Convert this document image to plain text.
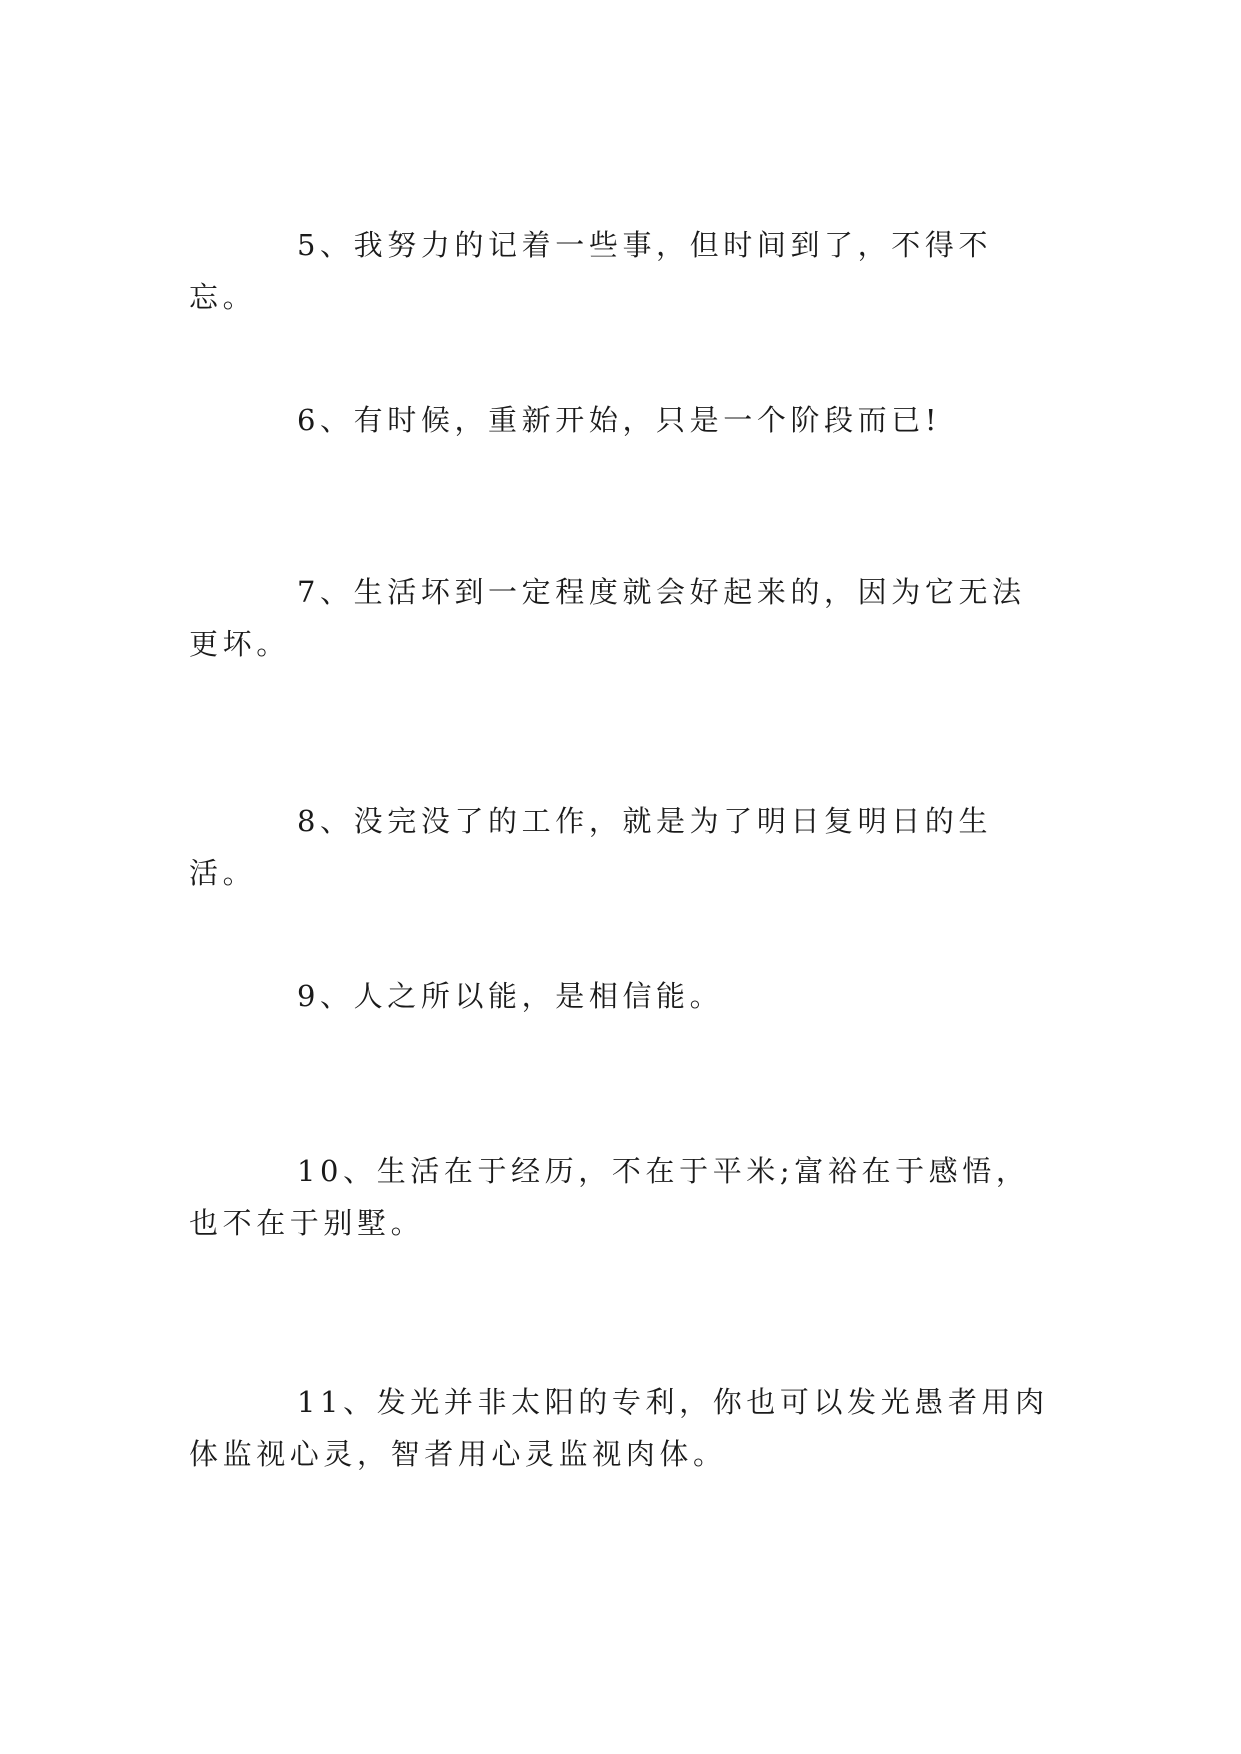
5、我努力的记着一些事，但时间到了，不得不忘。

6、有时候，重新开始，只是一个阶段而已!

7、生活坏到一定程度就会好起来的，因为它无法更坏。

8、没完没了的工作，就是为了明日复明日的生活。

9、人之所以能，是相信能。

10、生活在于经历，不在于平米;富裕在于感悟，也不在于别墅。

11、发光并非太阳的专利，你也可以发光愚者用肉体监视心灵，智者用心灵监视肉体。
